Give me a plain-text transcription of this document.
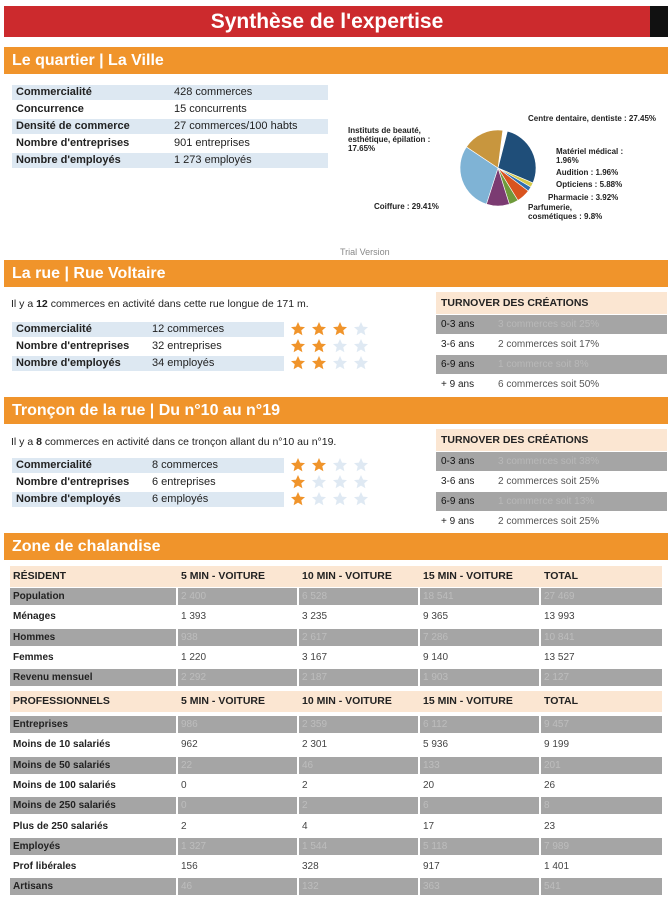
Synthèse de l'expertise
Le quartier | La Ville
Commercialité	428 commerces
Concurrence	15 concurrents
Densité de commerce	27 commerces/100 habts
Nombre d'entreprises	901 entreprises
Nombre d'employés	1 273 employés
Centre dentaire, dentiste : 27.45%
Matériel médical : 1.96%
Audition : 1.96%
Opticiens : 5.88%
Pharmacie : 3.92%
Parfumerie, cosmétiques : 9.8%
Coiffure : 29.41%
Instituts de beauté, esthétique, épilation : 17.65%
Trial Version
La rue | Rue Voltaire
Il y a 12 commerces en activité dans cette rue longue de 171 m.
Commercialité	12 commerces
Nombre d'entreprises	32 entreprises
Nombre d'employés	34 employés
TURNOVER DES CRÉATIONS
0-3 ans 3 commerces soit 25%
3-6 ans 2 commerces soit 17%
6-9 ans 1 commerce soit 8%
+ 9 ans 6 commerces soit 50%
Tronçon de la rue | Du n°10 au n°19
Il y a 8 commerces en activité dans ce tronçon allant du n°10 au n°19.
Commercialité	8 commerces
Nombre d'entreprises	6 entreprises
Nombre d'employés	6 employés
TURNOVER DES CRÉATIONS
0-3 ans 3 commerces soit 38%
3-6 ans 2 commerces soit 25%
6-9 ans 1 commerce soit 13%
+ 9 ans 2 commerces soit 25%
Zone de chalandise
RÉSIDENT	5 MIN - VOITURE	10 MIN - VOITURE	15 MIN - VOITURE	TOTAL
Population	2 400	6 528	18 541	27 469
Ménages	1 393	3 235	9 365	13 993
Hommes	938	2 617	7 286	10 841
Femmes	1 220	3 167	9 140	13 527
Revenu mensuel	2 292	2 187	1 903	2 127
PROFESSIONNELS	5 MIN - VOITURE	10 MIN - VOITURE	15 MIN - VOITURE	TOTAL
Entreprises	986	2 359	6 112	9 457
Moins de 10 salariés	962	2 301	5 936	9 199
Moins de 50 salariés	22	46	133	201
Moins de 100 salariés	0	2	20	26
Moins de 250 salariés	0	2	6	8
Plus de 250 salariés	2	4	17	23
Employés	1 327	1 544	5 118	7 989
Prof libérales	156	328	917	1 401
Artisans	46	132	363	541
